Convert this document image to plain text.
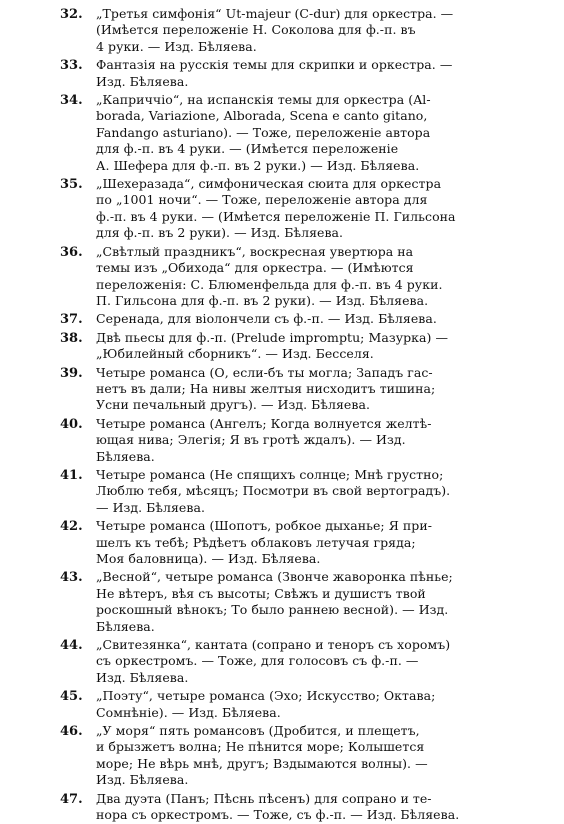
32. „Третья симфонія“ Ut-majeur (C-dur) для оркестра. —
(Имѣется переложеніе Н. Соколова для ф.-п. въ
4 руки. — Изд. Бѣляева.
33. Фантазія на русскія темы для скрипки и оркестра. —
Изд. Бѣляева.
34. „Каприччіо“, на испанскія темы для оркестра (Al-
borada, Variazione, Alborada, Scena e canto gitano,
Fandango asturiano). — Тоже, переложеніе автора
для ф.-п. въ 4 руки. — (Имѣется переложеніе
А. Шефера для ф.-п. въ 2 руки.) — Изд. Бѣляева.
35. „Шехеразада“, симфоническая сюита для оркестра
по „1001 ночи“. — Тоже, переложеніе автора для
ф.-п. въ 4 руки. — (Имѣется переложеніе П. Гильсона
для ф.-п. въ 2 руки). — Изд. Бѣляева.
36. „Свѣтлый праздникъ“, воскресная увертюра на
темы изъ „Обихода“ для оркестра. — (Имѣются
переложенія: С. Блюменфельда для ф.-п. въ 4 руки.
П. Гильсона для ф.-п. въ 2 руки). — Изд. Бѣляева.
37. Серенада, для віолончели съ ф.-п. — Изд. Бѣляева.
38. Двѣ пьесы для ф.-п. (Prelude impromptu; Мазурка) —
„Юбилейный сборникъ“. — Изд. Бесселя.
39. Четыре романса (О, если-бъ ты могла; Западъ гас-
нетъ въ дали; На нивы желтыя нисходитъ тишина;
Усни печальный другъ). — Изд. Бѣляева.
40. Четыре романса (Ангелъ; Когда волнуется желтѣ-
ющая нива; Элегія; Я въ гротѣ ждалъ). — Изд.
Бѣляева.
41. Четыре романса (Не спящихъ солнце; Мнѣ грустно;
Люблю тебя, мѣсяцъ; Посмотри въ свой вертоградъ).
— Изд. Бѣляева.
42. Четыре романса (Шопотъ, робкое дыханье; Я при-
шелъ къ тебѣ; Рѣдѣетъ облаковъ летучая гряда;
Моя баловница). — Изд. Бѣляева.
43. „Весной“, четыре романса (Звонче жаворонка пѣнье;
Не вѣтеръ, вѣя съ высоты; Свѣжъ и душистъ твой
роскошный вѣнокъ; То было раннею весной). — Изд.
Бѣляева.
44. „Свитезянка“, кантата (сопрано и теноръ съ хоромъ)
съ оркестромъ. — Тоже, для голосовъ съ ф.-п. —
Изд. Бѣляева.
45. „Поэту“, четыре романса (Эхо; Искусство; Октава;
Сомнѣніе). — Изд. Бѣляева.
46. „У моря“ пять романсовъ (Дробится, и плещетъ,
и брызжетъ волна; Не пѣнится море; Колышется
море; Не вѣрь мнѣ, другъ; Вздымаются волны). —
Изд. Бѣляева.
47. Два дуэта (Панъ; Пѣснь пѣсенъ) для сопрано и те-
нора съ оркестромъ. — Тоже, съ ф.-п. — Изд. Бѣляева.
